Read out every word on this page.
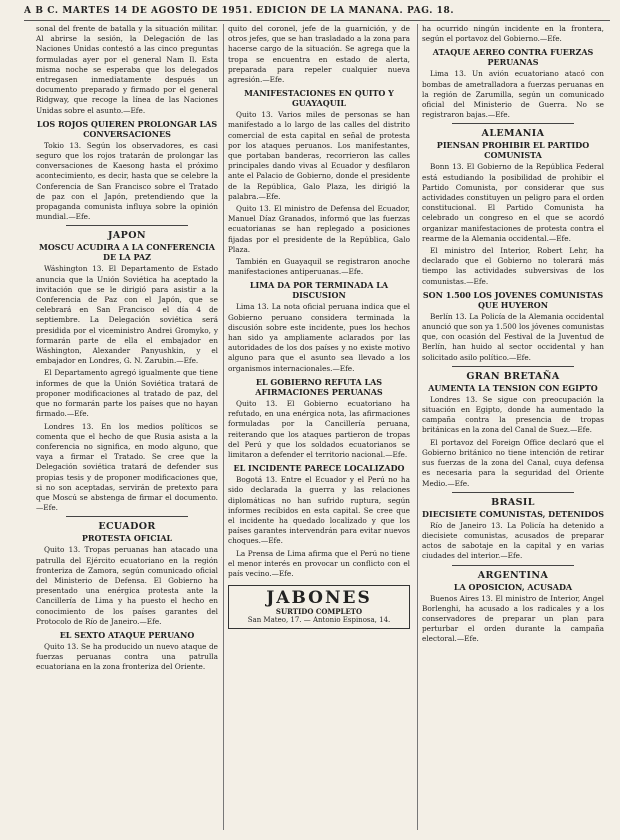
A B C. MARTES 14 DE AGOSTO DE 1951. EDICION DE LA MAÑANA. PAG. 18.

sonal del frente de batalla y la situación militar. Al abrirse la sesión, la Delegación de las Naciones Unidas contestó a las cinco preguntas formuladas ayer por el general Nam Il. Esta misma noche se esperaba que los delegados entregasen inmediatamente después un documento preparado y firmado por el general Ridgway, que recoge la línea de las Naciones Unidas sobre el asunto.—Efe.

LOS ROJOS QUIEREN PROLONGAR LAS CONVERSACIONES

Tokio 13. Según los observadores, es casi seguro que los rojos tratarán de prolongar las conversaciones de Kaesong hasta el próximo acontecimiento, es decir, hasta que se celebre la Conferencia de San Francisco sobre el Tratado de paz con el Japón, pretendiendo que la propaganda comunista influya sobre la opinión mundial.—Efe.

JAPON
MOSCU ACUDIRA A LA CONFERENCIA DE LA PAZ

Wáshington 13. El Departamento de Estado anuncia que la Unión Soviética ha aceptado la invitación que se le dirigió para asistir a la Conferencia de Paz con el Japón, que se celebrará en San Francisco el día 4 de septiembre. La Delegación soviética será presidida por el viceministro Andrei Gromyko, y formarán parte de ella el embajador en Wáshington, Alexander Panyushkin, y el embajador en Londres, G. N. Zarubin.—Efe.

El Departamento agregó igualmente que tiene informes de que la Unión Soviética tratará de proponer modificaciones al tratado de paz, del que no formarán parte los países que no hayan firmado.—Efe.

Londres 13. En los medios políticos se comenta que el hecho de que Rusia asista a la conferencia no significa, en modo alguno, que vaya a firmar el Tratado. Se cree que la Delegación soviética tratará de defender sus propias tesis y de proponer modificaciones que, si no son aceptadas, servirán de pretexto para que Moscú se abstenga de firmar el documento.—Efe.

ECUADOR
PROTESTA OFICIAL

Quito 13. Tropas peruanas han atacado una patrulla del Ejército ecuatoriano en la región fronteriza de Zamora, según comunicado oficial del Ministerio de Defensa. El Gobierno ha presentado una enérgica protesta ante la Cancillería de Lima y ha puesto el hecho en conocimiento de los países garantes del Protocolo de Río de Janeiro.—Efe.

EL SEXTO ATAQUE PERUANO

Quito 13. Se ha producido un nuevo ataque de fuerzas peruanas contra una patrulla ecuatoriana en la zona fronteriza del Oriente.

quito del coronel, jefe de la guarnición, y de otros jefes, que se han trasladado a la zona para hacerse cargo de la situación. Se agrega que la tropa se encuentra en estado de alerta, preparada para repeler cualquier nueva agresión.—Efe.

MANIFESTACIONES EN QUITO Y GUAYAQUIL

Quito 13. Varios miles de personas se han manifestado a lo largo de las calles del distrito comercial de esta capital en señal de protesta por los ataques peruanos. Los manifestantes, que portaban banderas, recorrieron las calles principales dando vivas al Ecuador y desfilaron ante el Palacio de Gobierno, donde el presidente de la República, Galo Plaza, les dirigió la palabra.—Efe.

Quito 13. El ministro de Defensa del Ecuador, Manuel Díaz Granados, informó que las fuerzas ecuatorianas se han replegado a posiciones fijadas por el presidente de la República, Galo Plaza.

También en Guayaquil se registraron anoche manifestaciones antiperuanas.—Efe.

LIMA DA POR TERMINADA LA DISCUSION

Lima 13. La nota oficial peruana indica que el Gobierno peruano considera terminada la discusión sobre este incidente, pues los hechos han sido ya ampliamente aclarados por las autoridades de los dos países y no existe motivo alguno para que el asunto sea llevado a los organismos internacionales.—Efe.

EL GOBIERNO REFUTA LAS AFIRMACIONES PERUANAS

Quito 13. El Gobierno ecuatoriano ha refutado, en una enérgica nota, las afirmaciones formuladas por la Cancillería peruana, reiterando que los ataques partieron de tropas del Perú y que los soldados ecuatorianos se limitaron a defender el territorio nacional.—Efe.

EL INCIDENTE PARECE LOCALIZADO

Bogotá 13. Entre el Ecuador y el Perú no ha sido declarada la guerra y las relaciones diplomáticas no han sufrido ruptura, según informes recibidos en esta capital. Se cree que el incidente ha quedado localizado y que los países garantes intervendrán para evitar nuevos choques.—Efe.

La Prensa de Lima afirma que el Perú no tiene el menor interés en provocar un conflicto con el país vecino.—Efe.

JABONES
SURTIDO COMPLETO
San Mateo, 17. — Antonio Espinosa, 14.

ha ocurrido ningún incidente en la frontera, según el portavoz del Gobierno.—Efe.

ATAQUE AEREO CONTRA FUERZAS PERUANAS

Lima 13. Un avión ecuatoriano atacó con bombas de ametralladora a fuerzas peruanas en la región de Zarumilla, según un comunicado oficial del Ministerio de Guerra. No se registraron bajas.—Efe.

ALEMANIA
PIENSAN PROHIBIR EL PARTIDO COMUNISTA

Bonn 13. El Gobierno de la República Federal está estudiando la posibilidad de prohibir el Partido Comunista, por considerar que sus actividades constituyen un peligro para el orden constitucional. El Partido Comunista ha celebrado un congreso en el que se acordó organizar manifestaciones de protesta contra el rearme de la Alemania occidental.—Efe.

El ministro del Interior, Robert Lehr, ha declarado que el Gobierno no tolerará más tiempo las actividades subversivas de los comunistas.—Efe.

SON 1.500 LOS JOVENES COMUNISTAS QUE HUYERON

Berlín 13. La Policía de la Alemania occidental anunció que son ya 1.500 los jóvenes comunistas que, con ocasión del Festival de la Juventud de Berlín, han huido al sector occidental y han solicitado asilo político.—Efe.

GRAN BRETAÑA
AUMENTA LA TENSION CON EGIPTO

Londres 13. Se sigue con preocupación la situación en Egipto, donde ha aumentado la campaña contra la presencia de tropas británicas en la zona del Canal de Suez.—Efe.

El portavoz del Foreign Office declaró que el Gobierno británico no tiene intención de retirar sus fuerzas de la zona del Canal, cuya defensa es necesaria para la seguridad del Oriente Medio.—Efe.

BRASIL
DIECISIETE COMUNISTAS, DETENIDOS

Río de Janeiro 13. La Policía ha detenido a diecisiete comunistas, acusados de preparar actos de sabotaje en la capital y en varias ciudades del interior.—Efe.

ARGENTINA
LA OPOSICION, ACUSADA

Buenos Aires 13. El ministro de Interior, Angel Borlenghi, ha acusado a los radicales y a los conservadores de preparar un plan para perturbar el orden durante la campaña electoral.—Efe.
